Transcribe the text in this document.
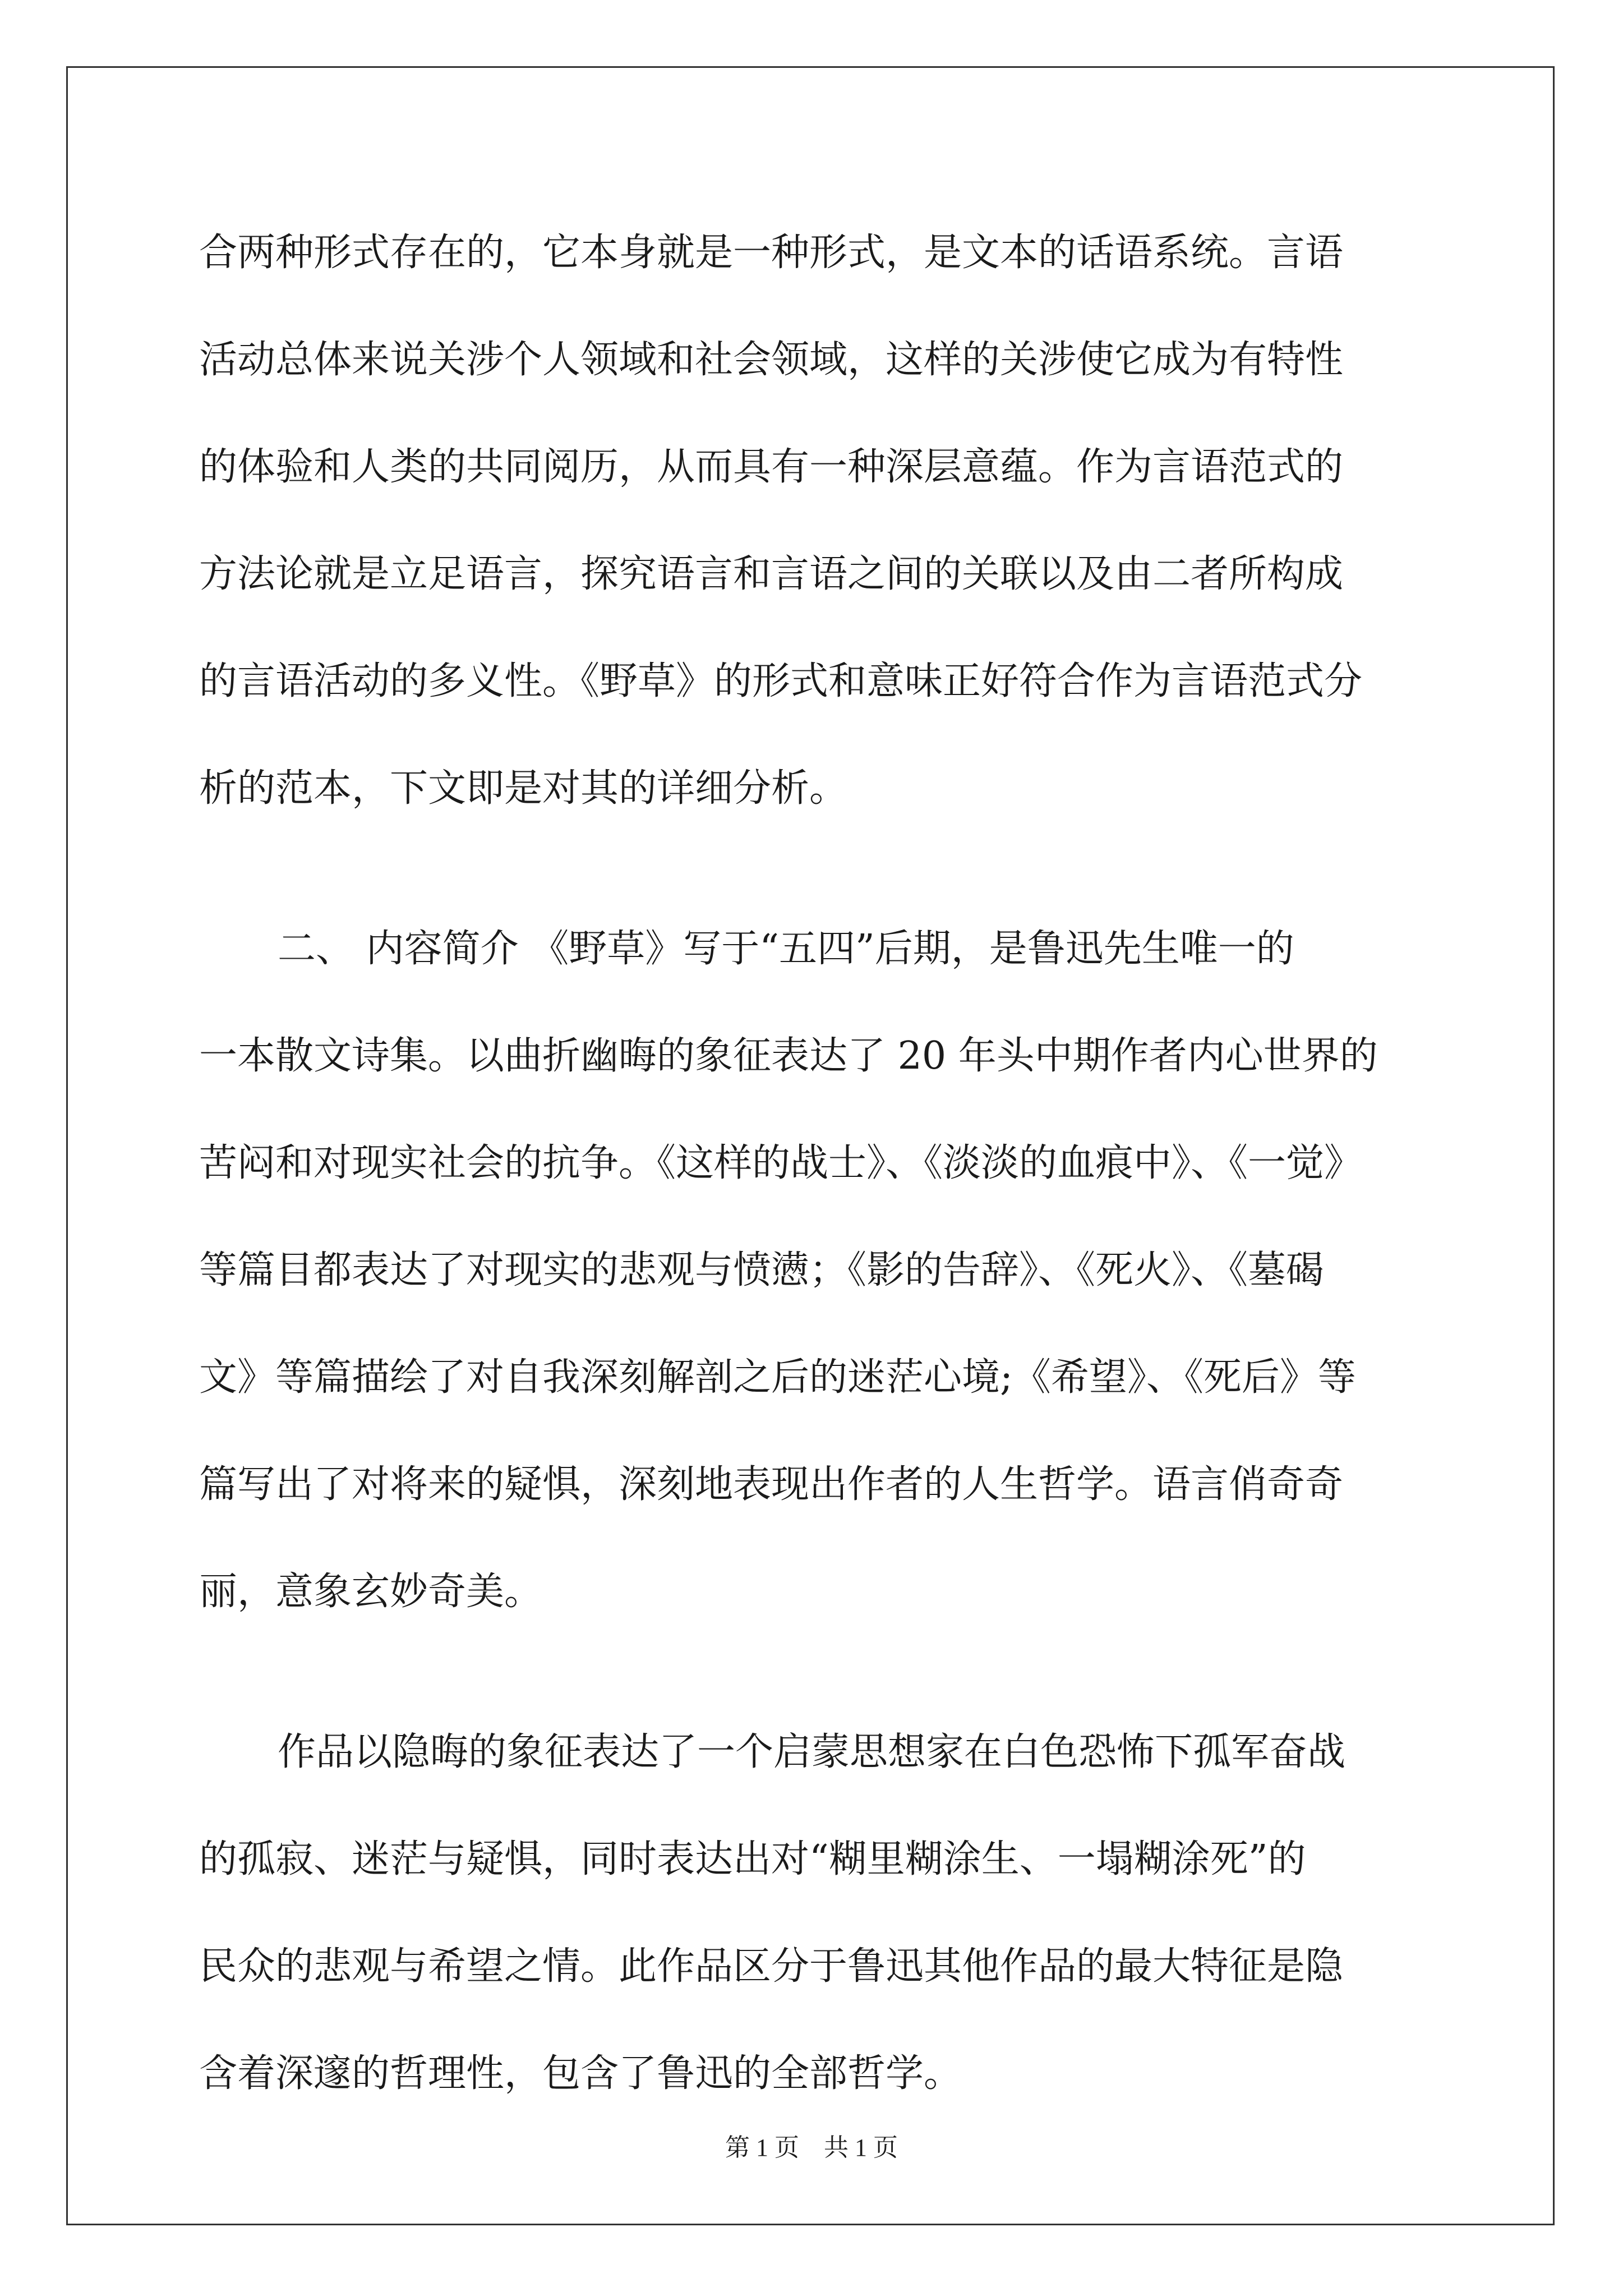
合两种形式存在的，它本身就是一种形式，是文本的话语系统。言语
活动总体来说关涉个人领域和社会领域，这样的关涉使它成为有特性
的体验和人类的共同阅历，从而具有一种深层意蕴。作为言语范式的
方法论就是立足语言，探究语言和言语之间的关联以及由二者所构成
的言语活动的多义性。《野草》的形式和意味正好符合作为言语范式分
析的范本，下文即是对其的详细分析。
二、 内容简介 《野草》写于“五四”后期，是鲁迅先生唯一的
一本散文诗集。以曲折幽晦的象征表达了 20 年头中期作者内心世界的
苦闷和对现实社会的抗争。《这样的战士》、《淡淡的血痕中》、《一觉》
等篇目都表达了对现实的悲观与愤懑；《影的告辞》、《死火》、《墓碣
文》等篇描绘了对自我深刻解剖之后的迷茫心境;《希望》、《死后》等
篇写出了对将来的疑惧，深刻地表现出作者的人生哲学。语言俏奇奇
丽，意象玄妙奇美。
作品以隐晦的象征表达了一个启蒙思想家在白色恐怖下孤军奋战
的孤寂、迷茫与疑惧，同时表达出对“糊里糊涂生、一塌糊涂死”的
民众的悲观与希望之情。此作品区分于鲁迅其他作品的最大特征是隐
含着深邃的哲理性，包含了鲁迅的全部哲学。
第 1 页　共 1 页
